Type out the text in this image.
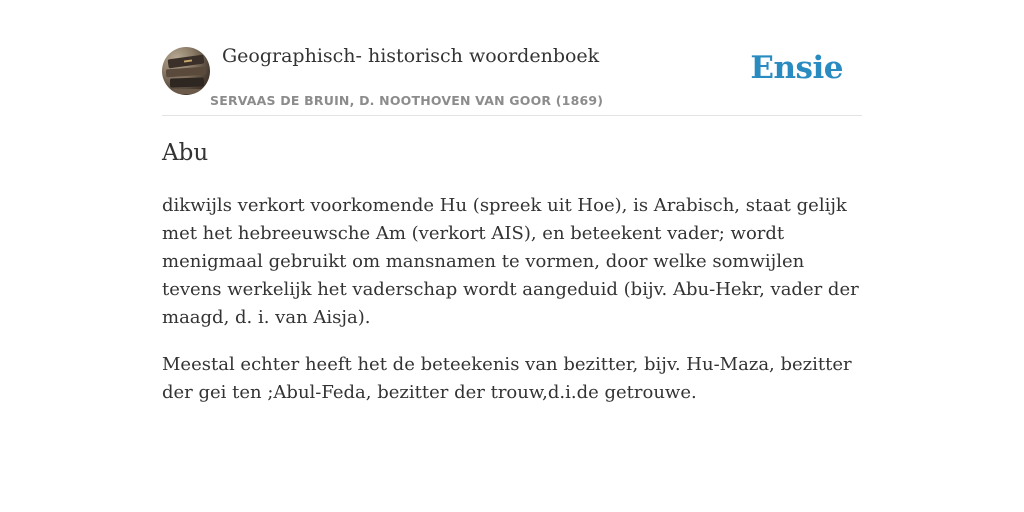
Geographisch- historisch woordenboek
SERVAAS DE BRUIN, D. NOOTHOVEN VAN GOOR (1869)
Ensie
Abu

dikwijls verkort voorkomende Hu (spreek uit Hoe), is Arabisch, staat gelijk met het hebreeuwsche Am (verkort AIS), en beteekent vader; wordt menigmaal gebruikt om mansnamen te vormen, door welke somwijlen tevens werkelijk het vaderschap wordt aangeduid (bijv. Abu-Hekr, vader der maagd, d. i. van Aisja).

Meestal echter heeft het de beteekenis van bezitter, bijv. Hu-Maza, bezitter der gei ten ;Abul-Feda, bezitter der trouw,d.i.de getrouwe.
